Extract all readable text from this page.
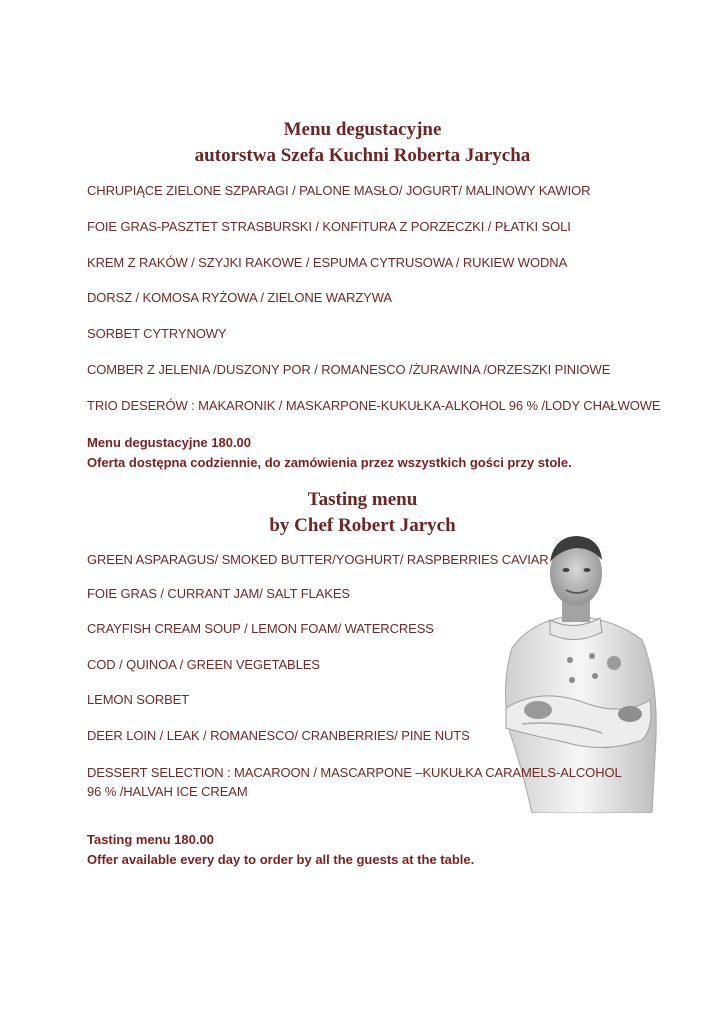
Menu degustacyjne
autorstwa Szefa Kuchni Roberta Jarycha
CHRUPIĄCE ZIELONE SZPARAGI / PALONE MASŁO/ JOGURT/ MALINOWY KAWIOR
FOIE GRAS-PASZTET STRASBURSKI / KONFITURA Z PORZECZKI / PŁATKI SOLI
KREM Z RAKÓW / SZYJKI RAKOWE / ESPUMA CYTRUSOWA / RUKIEW WODNA
DORSZ / KOMOSA RYŻOWA / ZIELONE WARZYWA
SORBET CYTRYNOWY
COMBER Z JELENIA /DUSZONY POR / ROMANESCO /ŻURAWINA /ORZESZKI PINIOWE
TRIO DESERÓW : MAKARONIK / MASKARPONE-KUKUŁKA-ALKOHOL 96 % /LODY CHAŁWOWE
Menu degustacyjne 180.00
Oferta dostępna codziennie, do zamówienia przez wszystkich gości przy stole.
Tasting menu
by Chef Robert Jarych
GREEN ASPARAGUS/ SMOKED BUTTER/YOGHURT/ RASPBERRIES CAVIAR
FOIE GRAS / CURRANT JAM/ SALT FLAKES
CRAYFISH CREAM SOUP / LEMON FOAM/ WATERCRESS
COD / QUINOA / GREEN VEGETABLES
LEMON SORBET
DEER LOIN / LEAK / ROMANESCO/ CRANBERRIES/ PINE NUTS
DESSERT SELECTION : MACAROON / MASCARPONE –KUKUŁKA CARAMELS-ALCOHOL 96 % /HALVAH ICE CREAM
Tasting menu 180.00
Offer available every day to order by all the guests at the table.
